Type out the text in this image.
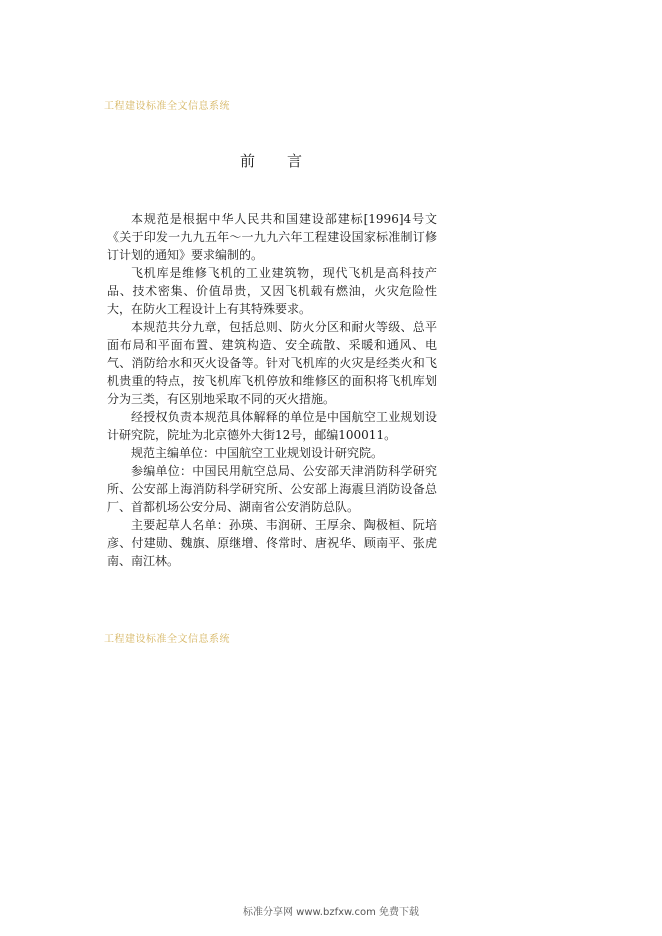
工程建设标准全文信息系统
前言

本规范是根据中华人民共和国建设部建标[1996]4号文《关于印发一九九五年～一九九六年工程建设国家标准制订修订计划的通知》要求编制的。

飞机库是维修飞机的工业建筑物，现代飞机是高科技产品、技术密集、价值昂贵，又因飞机载有燃油，火灾危险性大，在防火工程设计上有其特殊要求。

本规范共分九章，包括总则、防火分区和耐火等级、总平面布局和平面布置、建筑构造、安全疏散、采暖和通风、电气、消防给水和灭火设备等。针对飞机库的火灾是经类火和飞机贵重的特点，按飞机库飞机停放和维修区的面积将飞机库划分为三类，有区别地采取不同的灭火措施。

经授权负责本规范具体解释的单位是中国航空工业规划设计研究院，院址为北京德外大街12号，邮编100011。

规范主编单位：中国航空工业规划设计研究院。

参编单位：中国民用航空总局、公安部天津消防科学研究所、公安部上海消防科学研究所、公安部上海震旦消防设备总厂、首都机场公安分局、湖南省公安消防总队。

主要起草人名单：孙瑛、韦润研、王厚余、陶极桓、阮培彦、付建勋、魏旗、原继增、佟常时、唐祝华、顾南平、张虎南、南江林。

工程建设标准全文信息系统
标准分享网 www.bzfxw.com 免费下载
